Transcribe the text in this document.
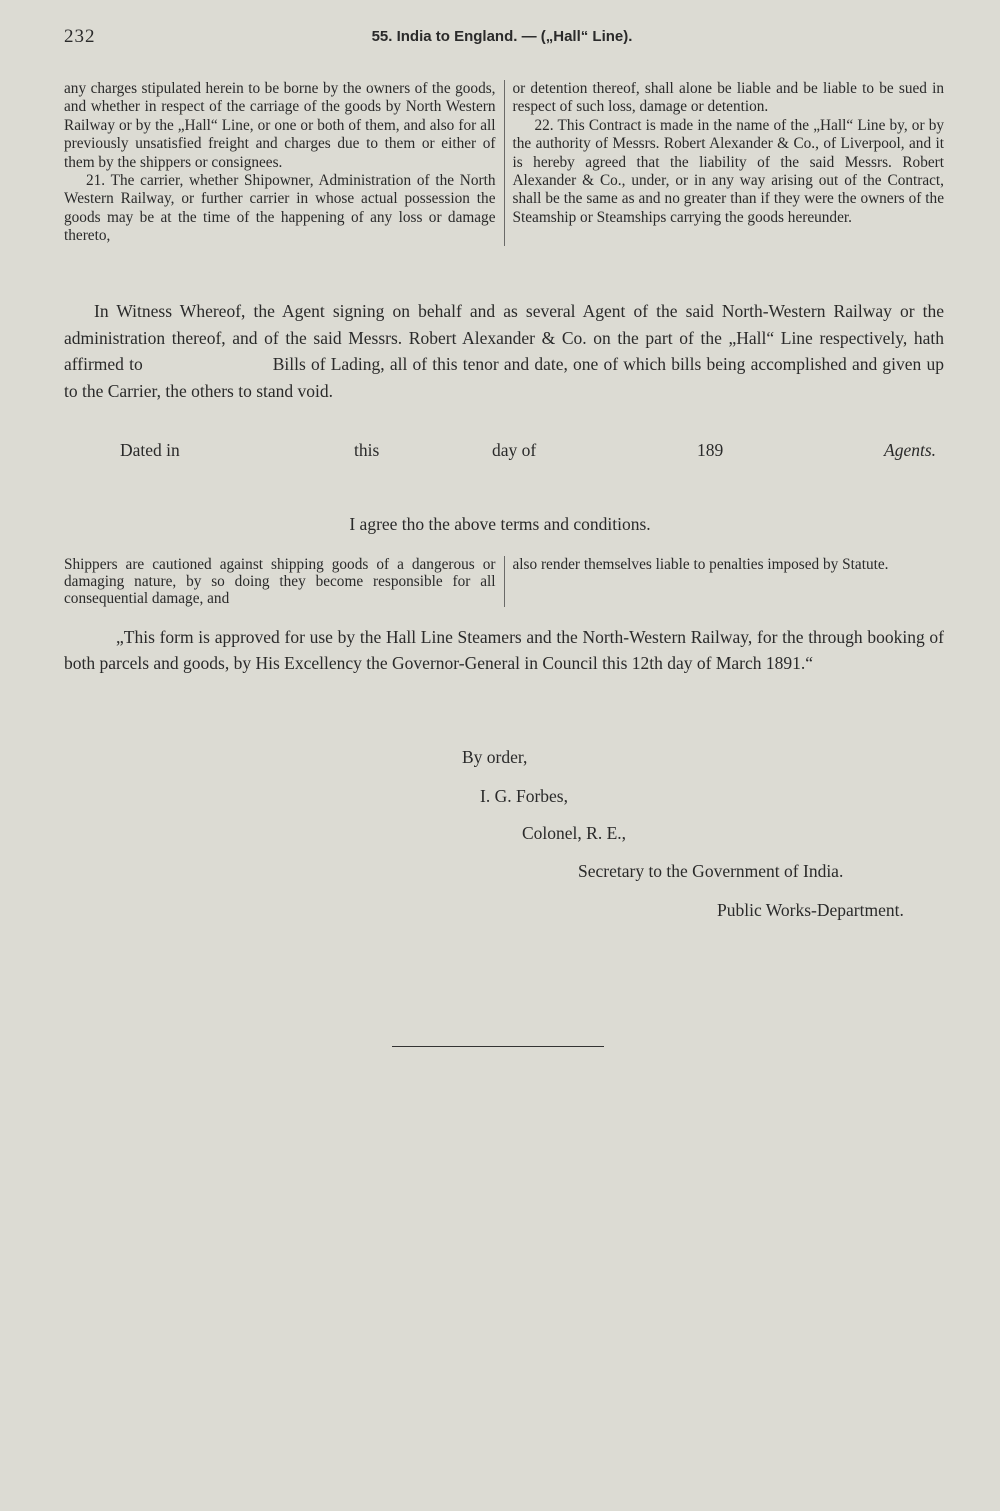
232	55. India to England. — („Hall“ Line).

any charges stipulated herein to be borne by the owners of the goods, and whether in respect of the carriage of the goods by North Western Railway or by the „Hall“ Line, or one or both of them, and also for all previously unsatisfied freight and charges due to them or either of them by the shippers or consignees.

21. The carrier, whether Shipowner, Administration of the North Western Railway, or further carrier in whose actual possession the goods may be at the time of the happening of any loss or damage thereto,

or detention thereof, shall alone be liable and be liable to be sued in respect of such loss, damage or detention.

22. This Contract is made in the name of the „Hall“ Line by, or by the authority of Messrs. Robert Alexander & Co., of Liverpool, and it is hereby agreed that the liability of the said Messrs. Robert Alexander & Co., under, or in any way arising out of the Contract, shall be the same as and no greater than if they were the owners of the Steamship or Steamships carrying the goods hereunder.

In Witness Whereof, the Agent signing on behalf and as several Agent of the said North-Western Railway or the administration thereof, and of the said Messrs. Robert Alexander & Co. on the part of the „Hall“ Line respectively, hath affirmed to	Bills of Lading, all of this tenor and date, one of which bills being accomplished and given up to the Carrier, the others to stand void.
Dated in	this	day of	189	Agents.
I agree tho the above terms and conditions.
Shippers are cautioned against shipping goods of a dangerous or damaging nature, by so doing they become responsible for all consequential damage, and
also render themselves liable to penalties imposed by Statute.
„This form is approved for use by the Hall Line Steamers and the North-Western Railway, for the through booking of both parcels and goods, by His Excellency the Governor-General in Council this 12th day of March 1891.“
By order,
I. G. Forbes,
Colonel, R. E.,
Secretary to the Government of India.
Public Works-Department.
